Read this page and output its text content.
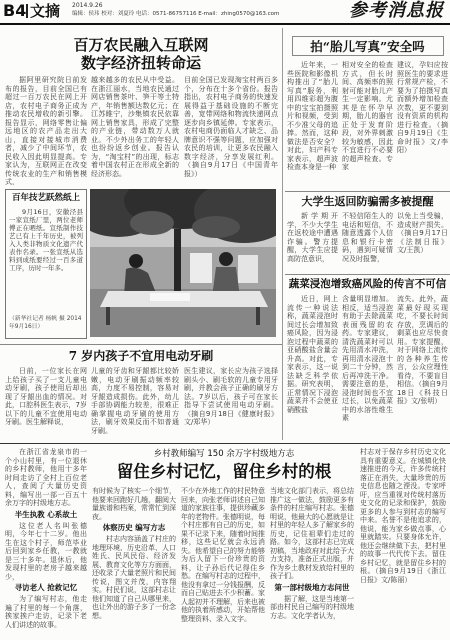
B4 文摘 2014.9.26
编辑：侯玮 校对：刘夏玲 电话：0571-86757116 E-mail：zhing0570@163.com	参考消息报
百万农民融入互联网
数字经济扭转命运
据阿里研究院日前发布的报告，目前全国已有超过一百万农民在网上开店，农村电子商务正成为推动农民增收的新引擎。报告显示，网络零售让偏远地区的农产品走出大山，直接对接城市消费者，减少了中间环节，农民收入因此明显提高。专家认为，互联网正在改变传统农业的生产和销售模式，
越来越多的农民从中受益。在浙江丽水，当地农民通过网店销售茶叶、笋干等土特产，年销售额达数亿元；在江苏睢宁，沙集镇农民依靠网上销售家具，形成了完整的产业链，带动数万人就业。不少外出务工的年轻人也纷纷返乡创业。报告认为，“淘宝村”的出现，标志着中国农村正在形成全新的经济形态。
目前全国已发现淘宝村两百多个，分布在十多个省份。报告指出，农村电子商务的快速发展得益于基础设施的不断完善，宽带网络和物流快递网点逐步向乡镇延伸。专家表示，农村电商仍面临人才缺乏、品牌意识不强等问题，应加强对农民的培训，让更多农民融入数字经济，分享发展红利。（摘自9月17日《中国青年报》）
百年技艺跃然纸上
9月16日，安徽泾县一家宣纸厂里，两位老师傅正在晒纸。宣纸制作技艺已有上千年历史，被列入人类非物质文化遗产代表作名录。一张宣纸从选料到成纸要经过一百多道工序，历时一年多。
（新华社记者 杨帆 摄 2014年9月16日）
7 岁内孩子不宜用电动牙刷
日前，一位家长在网上给孩子买了一支儿童电动牙刷，孩子使用后却出现了牙龈出血的情况。对此，口腔科医生表示，7岁以下的儿童不宜使用电动牙刷。医生解释说，
儿童的牙齿和牙龈都比较娇嫩，电动牙刷振动频率较高，力度不易控制，容易对牙龈造成损伤。此外，幼儿手部协调能力较差，很难正确掌握电动牙刷的使用方法，刷牙效果反而不如普通牙刷。
医生建议，家长应为孩子选择刷头小、刷毛软的儿童专用牙刷，并教会孩子正确的刷牙方法。7岁以后，孩子可在家长指导下尝试使用电动牙刷。（摘自9月18日《健康时报》文/郑华）
拍“胎儿写真”安全吗
近年来，一些医院和影像机构推出了“胎儿写真”服务，利用四维彩超为腹中的宝宝拍摄照片和视频，受到不少准父母的追捧。然而，这种做法是否安全？对此，妇产科专家表示，超声波检查本身是一种
相对安全的检查方式，但长时间、高频率的照射可能对胎儿产生一定影响。尤其是在怀孕早期，胎儿的器官正处于发育阶段，对外界刺激较为敏感，因此不宜进行不必要的超声检查。专家
建议，孕妇应按照医生的要求进行常规产检，不要为了拍摄写真而额外增加检查次数，更不要到没有资质的机构进行检查。（摘自9月19日《生命时报》文/李阳）
大学生返回防骗需多被提醒
新学期开学，不少大学生在返校途中遭遇诈骗。警方提醒，大学生应提高防范意识，
不轻信陌生人的电话和短信，不随意透露个人信息和银行卡密码，遇到可疑情况及时报警，
以免上当受骗，造成财产损失。（摘自9月17日《法制日报》文/王凯）
蔬菜浸泡增致癌风险的传言不可信
近日，网上流传一种说法称，蔬菜浸泡时间过长会增加致癌风险，因为浸泡过程中蔬菜的亚硝酸盐含量会升高。对此，专家表示，这一说法缺乏科学依据。研究表明，正常情况下浸泡蔬菜并不会使亚硝酸盐
含量明显增加。相反，适当浸泡有助于去除蔬菜表面残留的农药。专家建议，清洗蔬菜时可以先用清水冲洗，再用清水浸泡十到二十分钟，然后再冲洗干净。需要注意的是，浸泡时间也不宜过长，以免蔬菜中的水溶性维生素
流失。此外，蔬菜最好现买现吃，不要长时间存放，烹调后的剩菜也应尽快食用。专家提醒，对于网络上流传的各种养生传言，公众应理性看待，不要盲目相信。（摘自9月18日《科技日报》文/张明）
乡村教师编写 150 余万字村级地方志
留住乡村记忆，留住乡村的根

在浙江省龙泉市的一个小山村里，有一位退休的乡村教师，他用十多年时间走访了全村上百位老人，查阅了大量历史资料，编写出一部一百五十余万字的村级地方志。

半生执教 心系故土

这位老人名叫张德明，今年七十二岁。他出生在这个村子，师范毕业后回到家乡任教，一教就是三十多年。退休后，他发现村里的老房子越来越少，

寻访老人 抢救记忆

为了编写村志，他走遍了村里的每一个角落，挨家挨户走访，记录下老人们讲述的故事。

有时候为了核实一个细节，他要来回跑好几趟，翻阅大量族谱和档案，常常忙到深夜。

体察历史 编写方志

村志内容涵盖了村庄的地理环境、历史沿革、人口姓氏、民风民俗、经济发展、教育文化等方方面面，还收录了大量老照片和民间传说，图文并茂，内容翔实。村民们说，这部村志让他们知道了自己从哪里来，也让外出的游子多了一份念想。

不少在外地工作的村民特意回来，向张老师讲述自己知道的家族往事，提供珍藏多年的老物件。张德明说，每个村庄都有自己的历史，如果不记录下来，随着时间推移，这些记忆就会永远消失。他希望自己的努力能够为后人留下一份珍贵的资料，让子孙后代记得住乡愁。在编写村志的过程中，他没有拿过一分钱报酬，反而自己贴进去不少积蓄。家人起初并不理解，后来也被他的执着所感动，开始帮他整理资料、录入文字。

当地文化部门表示，将总结推广这一做法，鼓励更多有条件的村庄编写村志。张德明说，他最大的心愿就是让村里的年轻人多了解家乡的历史，记住祖辈们走过的路。如今，这部村志已完成初稿，当地政府对此给予大力支持，准备正式出版，并作为乡土教材发放给村里的孩子们。

第一部村级地方志问世

据了解，这是当地第一部由村民自己编写的村级地方志。文化学者认为，

村志对于保存乡村历史文化具有重要意义。在城镇化快速推进的今天，许多传统村落正在消失，大量珍贵的历史信息也随之湮没。专家呼吁，应当重视对传统村落历史文化的记录和保护，鼓励更多的人参与到村志的编写中来。名誉不是他追求的，他说，能为家乡做点事，心里就踏实。只要身体允许，他还会继续做下去，把村里的故事一代代传下去。留住乡村记忆，就是留住乡村的根。（摘自9月19日《浙江日报》文/陈丽）
